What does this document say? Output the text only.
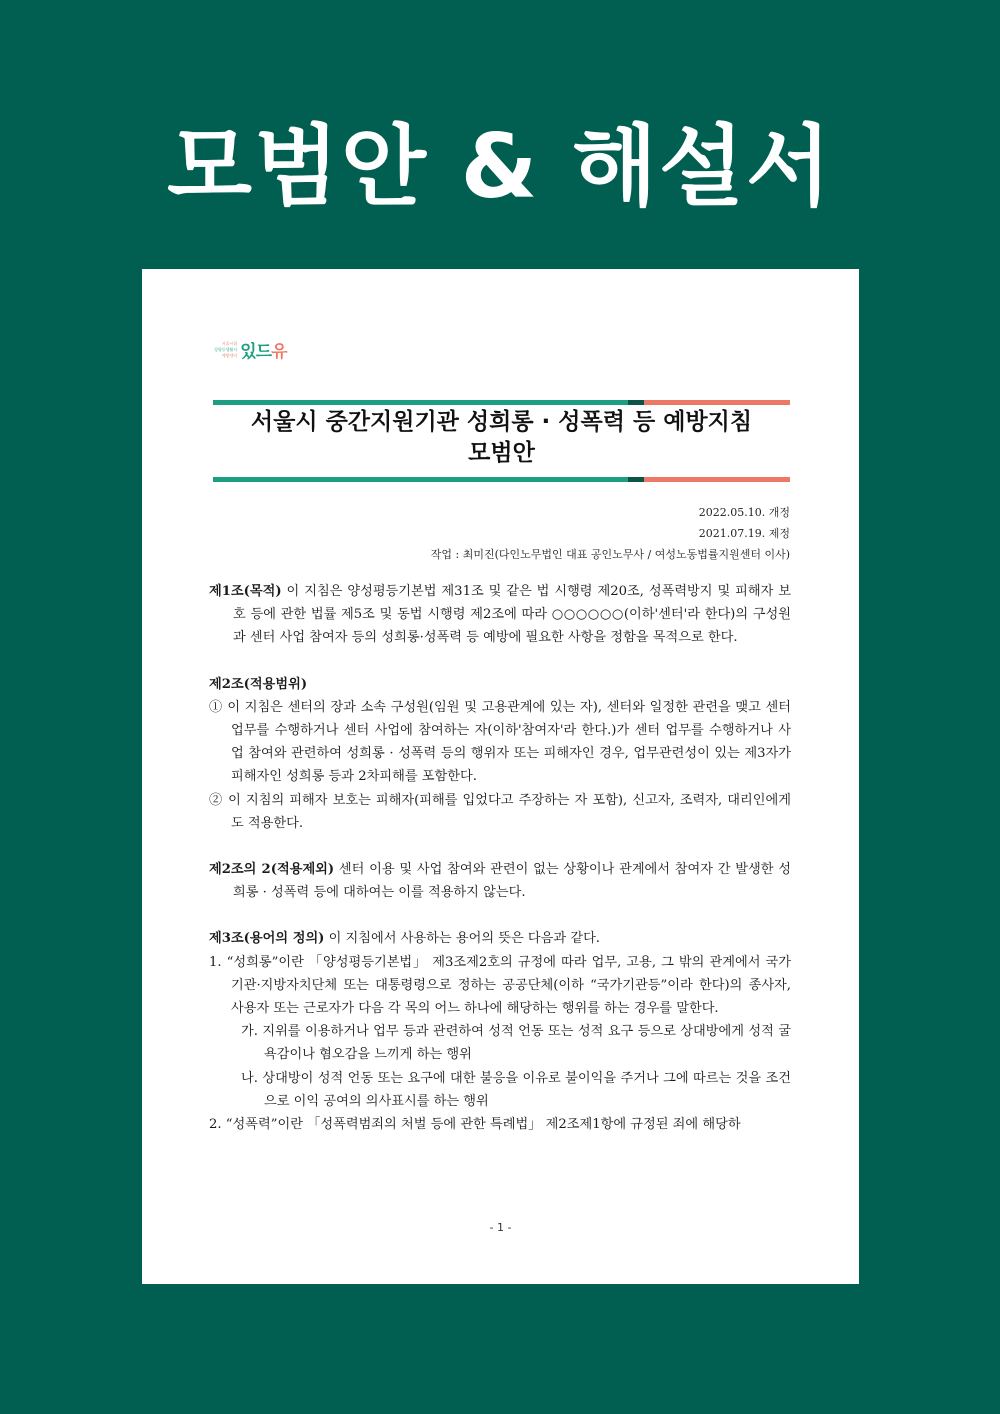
모범안 & 해설서
서울시립
성평등생활사
예방센터 있드유
서울시 중간지원기관 성희롱 · 성폭력 등 예방지침
모범안
2022.05.10. 개정
2021.07.19. 제정
작업 : 최미진(다인노무법인 대표 공인노무사 / 여성노동법률지원센터 이사)

제1조(목적) 이 지침은 양성평등기본법 제31조 및 같은 법 시행령 제20조, 성폭력방지 및 피해자 보호 등에 관한 법률 제5조 및 동법 시행령 제2조에 따라 ○○○○○○(이하'센터'라 한다)의 구성원과 센터 사업 참여자 등의 성희롱·성폭력 등 예방에 필요한 사항을 정함을 목적으로 한다.

제2조(적용범위)

① 이 지침은 센터의 장과 소속 구성원(임원 및 고용관계에 있는 자), 센터와 일정한 관련을 맺고 센터 업무를 수행하거나 센터 사업에 참여하는 자(이하'참여자'라 한다.)가 센터 업무를 수행하거나 사업 참여와 관련하여 성희롱 · 성폭력 등의 행위자 또는 피해자인 경우, 업무관련성이 있는 제3자가 피해자인 성희롱 등과 2차피해를 포함한다.

② 이 지침의 피해자 보호는 피해자(피해를 입었다고 주장하는 자 포함), 신고자, 조력자, 대리인에게도 적용한다.

제2조의 2(적용제외) 센터 이용 및 사업 참여와 관련이 없는 상황이나 관계에서 참여자 간 발생한 성희롱 · 성폭력 등에 대하여는 이를 적용하지 않는다.

제3조(용어의 정의) 이 지침에서 사용하는 용어의 뜻은 다음과 같다.

1. “성희롱”이란 「양성평등기본법」 제3조제2호의 규정에 따라 업무, 고용, 그 밖의 관계에서 국가기관·지방자치단체 또는 대통령령으로 정하는 공공단체(이하 “국가기관등”이라 한다)의 종사자, 사용자 또는 근로자가 다음 각 목의 어느 하나에 해당하는 행위를 하는 경우를 말한다.

가. 지위를 이용하거나 업무 등과 관련하여 성적 언동 또는 성적 요구 등으로 상대방에게 성적 굴욕감이나 혐오감을 느끼게 하는 행위

나. 상대방이 성적 언동 또는 요구에 대한 불응을 이유로 불이익을 주거나 그에 따르는 것을 조건으로 이익 공여의 의사표시를 하는 행위

2. “성폭력”이란 「성폭력범죄의 처벌 등에 관한 특례법」 제2조제1항에 규정된 죄에 해당하

- 1 -
